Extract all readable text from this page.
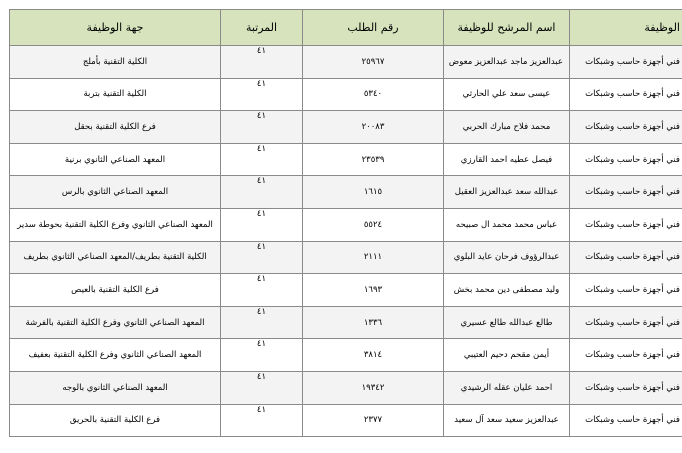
الوظيفة	اسم المرشح للوظيفة	رقم الطلب	المرتبة	جهة الوظيفة
فني أجهزة حاسب وشبكات	عبدالعزيز ماجد عبدالعزيز معوض	٢٥٩٦٧	٤١	الكلية التقنية بأملج
فني أجهزة حاسب وشبكات	عيسى سعد علي الحارثي	٥٣٤٠	٤١	الكلية التقنية بتربة
فني أجهزة حاسب وشبكات	محمد فلاح مبارك الحربي	٢٠٠٨٣	٤١	فرع الكلية التقنية بحقل
فني أجهزة حاسب وشبكات	فيصل عطيه احمد القارزي	٢٣٥٣٩	٤١	المعهد الصناعي الثانوي برنية
فني أجهزة حاسب وشبكات	عبدالله سعد عبدالعزيز العقيل	١٦١٥	٤١	المعهد الصناعي الثانوي بالرس
فني أجهزة حاسب وشبكات	عباس محمد محمد ال صبيحه	٥٥٢٤	٤١	المعهد الصناعي الثانوي وفرع الكلية التقنية بحوطة سدير
فني أجهزة حاسب وشبكات	عبدالرؤوف فرحان عايد البلوي	٢١١١	٤١	الكلية التقنية بطريف/المعهد الصناعي الثانوي بطريف
فني أجهزة حاسب وشبكات	وليد مصطفى دين محمد بخش	١٦٩٣	٤١	فرع الكلية التقنية بالعيص
فني أجهزة حاسب وشبكات	طالع عبدالله طالع عسيري	١٣٣٦	٤١	المعهد الصناعي الثانوي وفرع الكلية التقنية بالفرشة
فني أجهزة حاسب وشبكات	أيمن مقحم دحيم العتيبي	٣٨١٤	٤١	المعهد الصناعي الثانوي وفرع الكلية التقنية بعفيف
فني أجهزة حاسب وشبكات	احمد عليان عقله الرشيدي	١٩٣٤٢	٤١	المعهد الصناعي الثانوي بالوجه
فني أجهزة حاسب وشبكات	عبدالعزيز سعيد سعد آل سعيد	٢٣٧٧	٤١	فرع الكلية التقنية بالحريق
